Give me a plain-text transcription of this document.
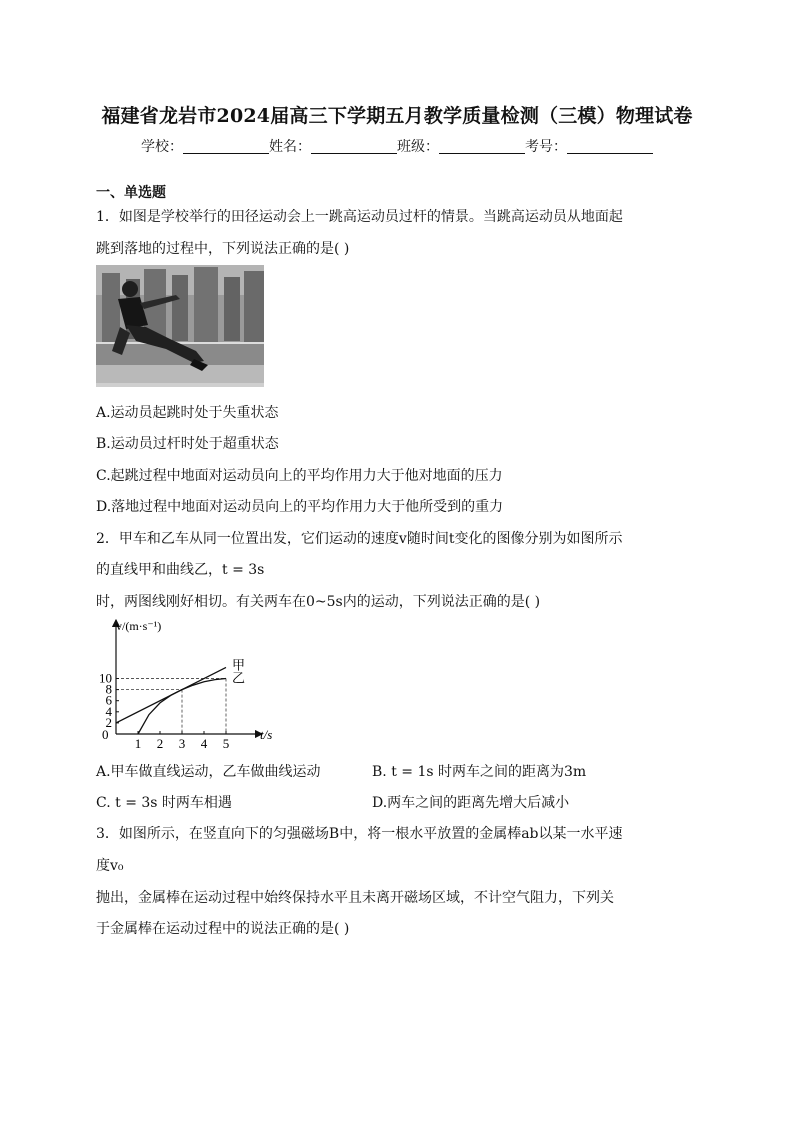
福建省龙岩市2024届高三下学期五月教学质量检测（三模）物理试卷
学校：	姓名：	班级：	考号：
一、单选题
1．如图是学校举行的田径运动会上一跳高运动员过杆的情景。当跳高运动员从地面起
跳到落地的过程中，下列说法正确的是( )
A.运动员起跳时处于失重状态
B.运动员过杆时处于超重状态
C.起跳过程中地面对运动员向上的平均作用力大于他对地面的压力
D.落地过程中地面对运动员向上的平均作用力大于他所受到的重力
2．甲车和乙车从同一位置出发，它们运动的速度v随时间t变化的图像分别为如图所示
的直线甲和曲线乙，t = 3s
时，两图线刚好相切。有关两车在0~5s内的运动，下列说法正确的是( )
1 2 3 4 5
2
4
6
8
10
甲
乙
v/(m·s⁻¹)
t/s
0
A.甲车做直线运动，乙车做曲线运动	B. t = 1s 时两车之间的距离为3m
C. t = 3s 时两车相遇	D.两车之间的距离先增大后减小
3．如图所示，在竖直向下的匀强磁场B中，将一根水平放置的金属棒ab以某一水平速
度v₀
抛出，金属棒在运动过程中始终保持水平且未离开磁场区域，不计空气阻力，下列关
于金属棒在运动过程中的说法正确的是( )
